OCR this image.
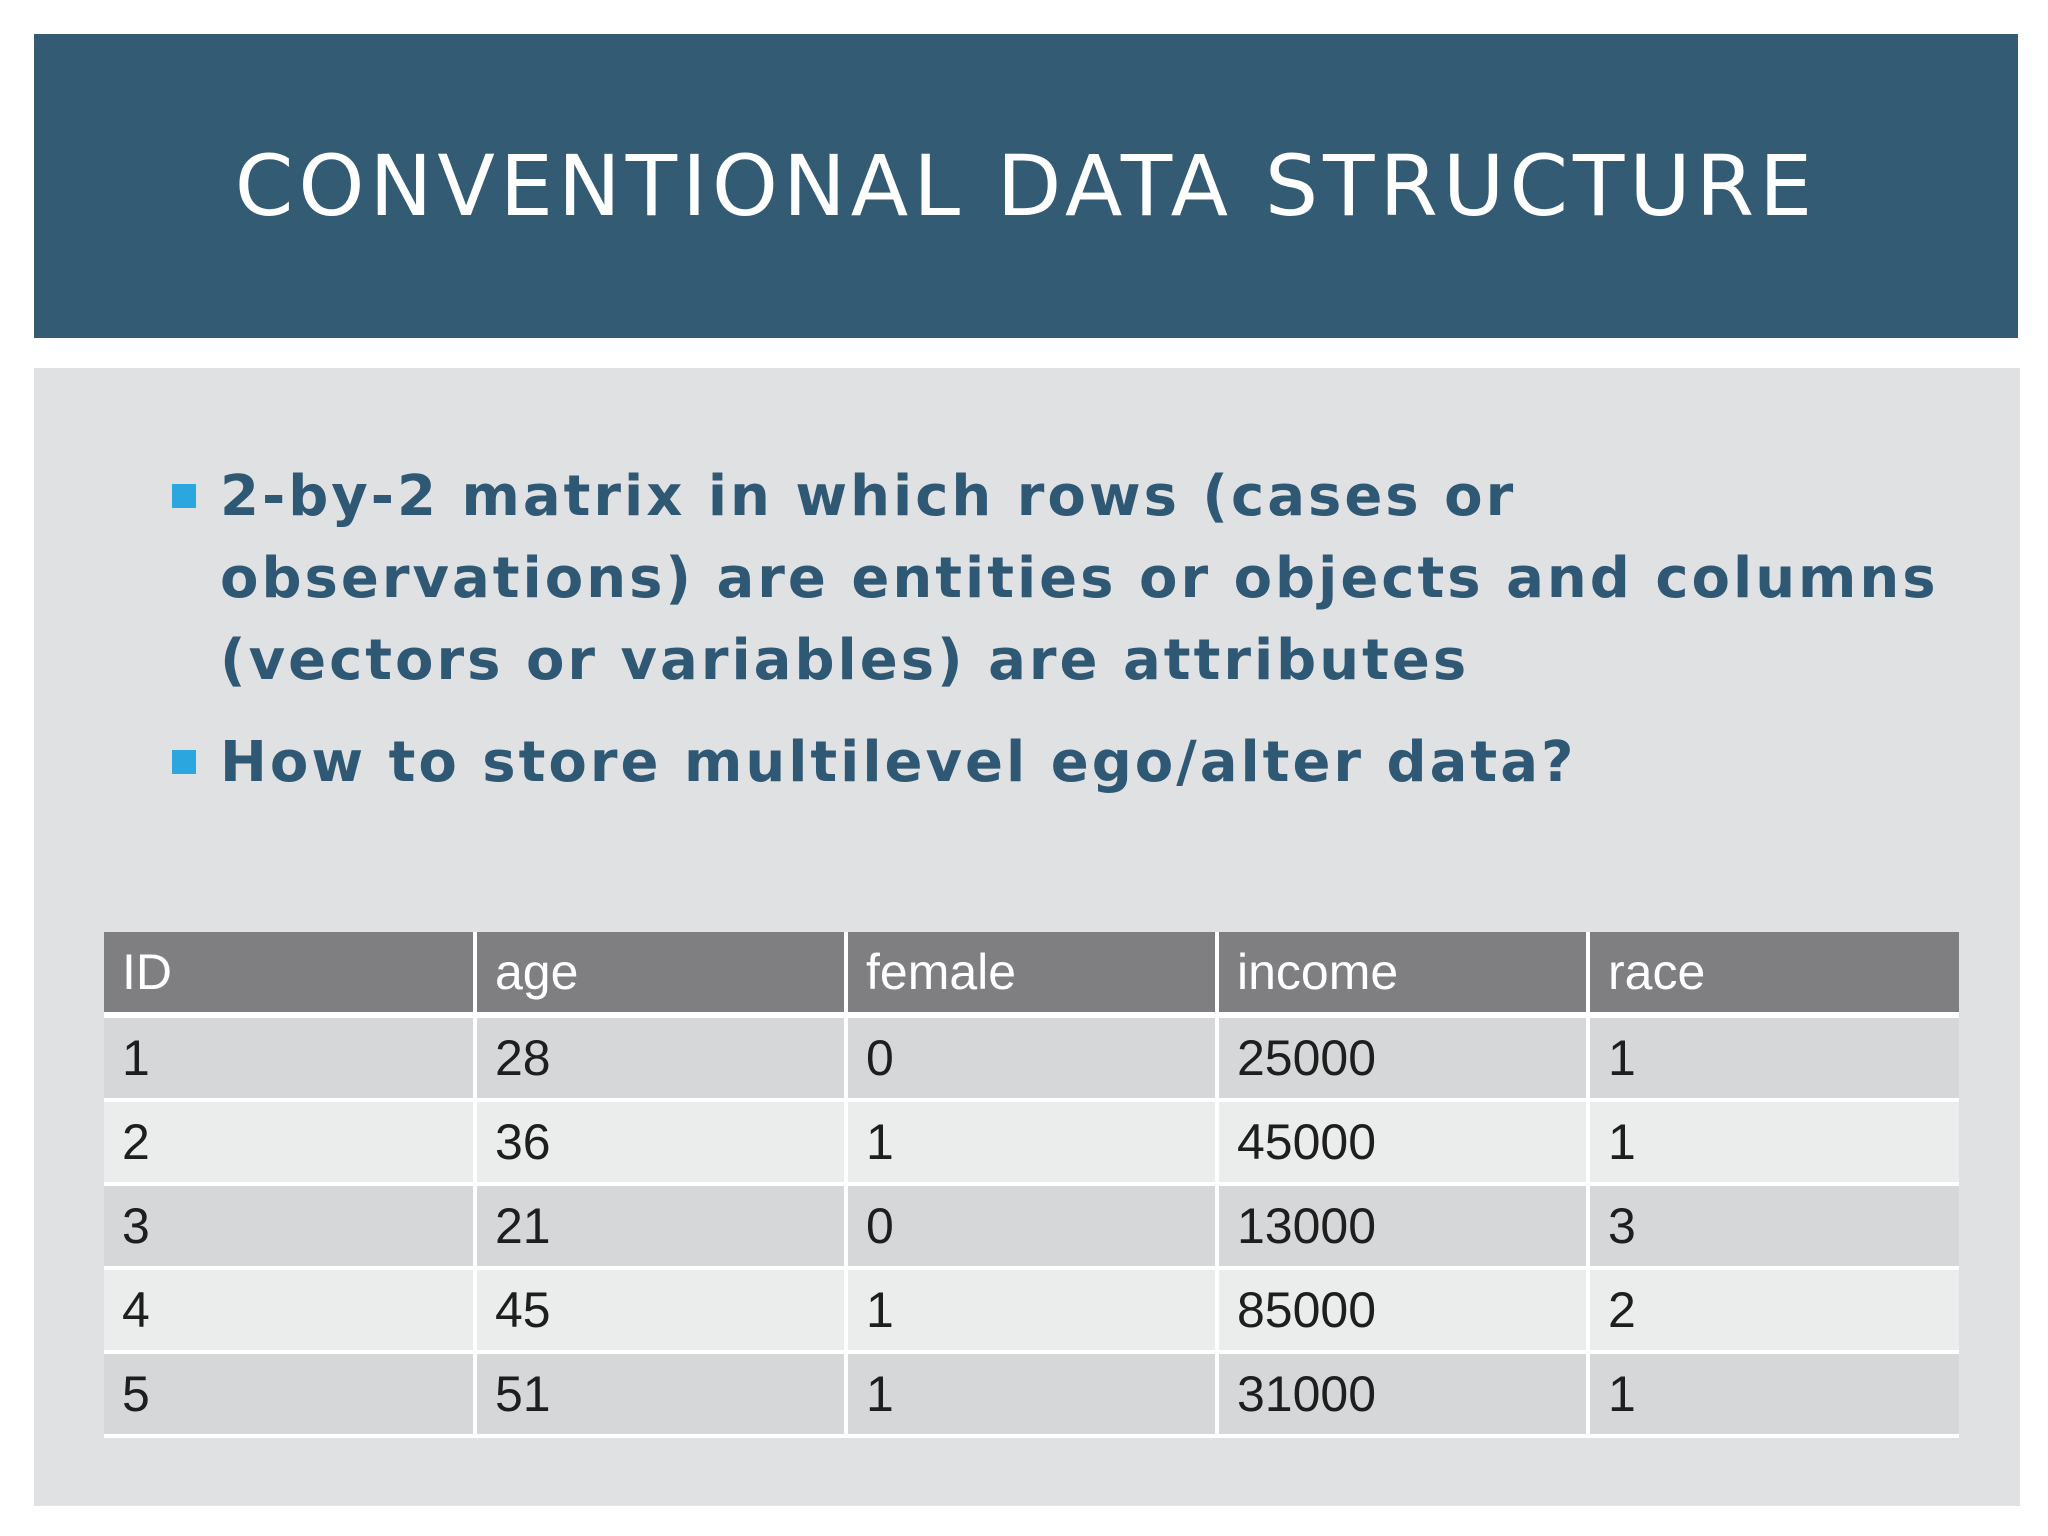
CONVENTIONAL DATA STRUCTURE
2-by-2 matrix in which rows (cases or observations) are entities or objects and columns (vectors or variables) are attributes
How to store multilevel ego/alter data?
ID	age	female	income	race
1	28	0	25000	1
2	36	1	45000	1
3	21	0	13000	3
4	45	1	85000	2
5	51	1	31000	1
